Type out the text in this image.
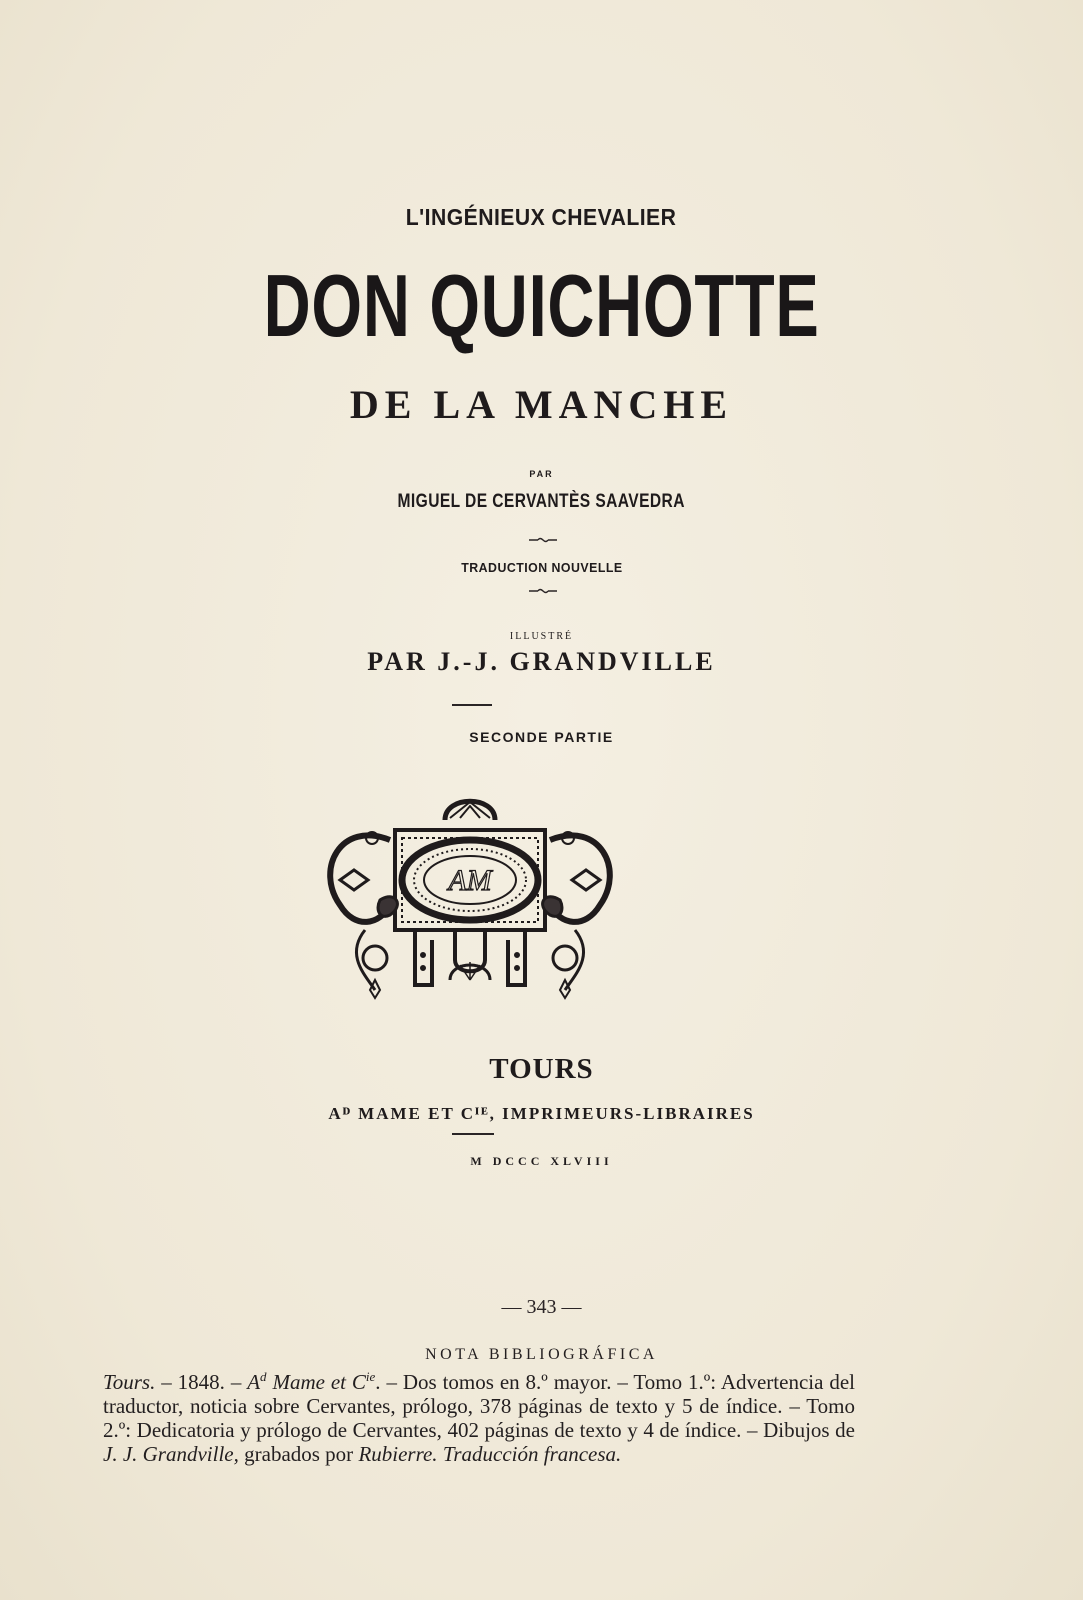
L'INGÉNIEUX CHEVALIER
DON QUICHOTTE
DE LA MANCHE
PAR
MIGUEL DE CERVANTÈS SAAVEDRA
TRADUCTION NOUVELLE
ILLUSTRÉ
PAR J.-J. GRANDVILLE
SECONDE PARTIE
AM
TOURS
Aᴰ MAME ET Cᴵᴱ, IMPRIMEURS-LIBRAIRES
M DCCC XLVIII
— 343 —
NOTA BIBLIOGRÁFICA

Tours. – 1848. – $A^d$ Mame et $C^{ie}$. – Dos tomos en 8.º mayor. – Tomo 1.º: Advertencia del traductor, noticia sobre Cervantes, prólogo, 378 páginas de texto y 5 de índice. – Tomo 2.º: Dedicatoria y prólogo de Cervantes, 402 páginas de texto y 4 de índice. – Dibujos de J. J. Grandville, grabados por Rubierre. Traducción francesa.
